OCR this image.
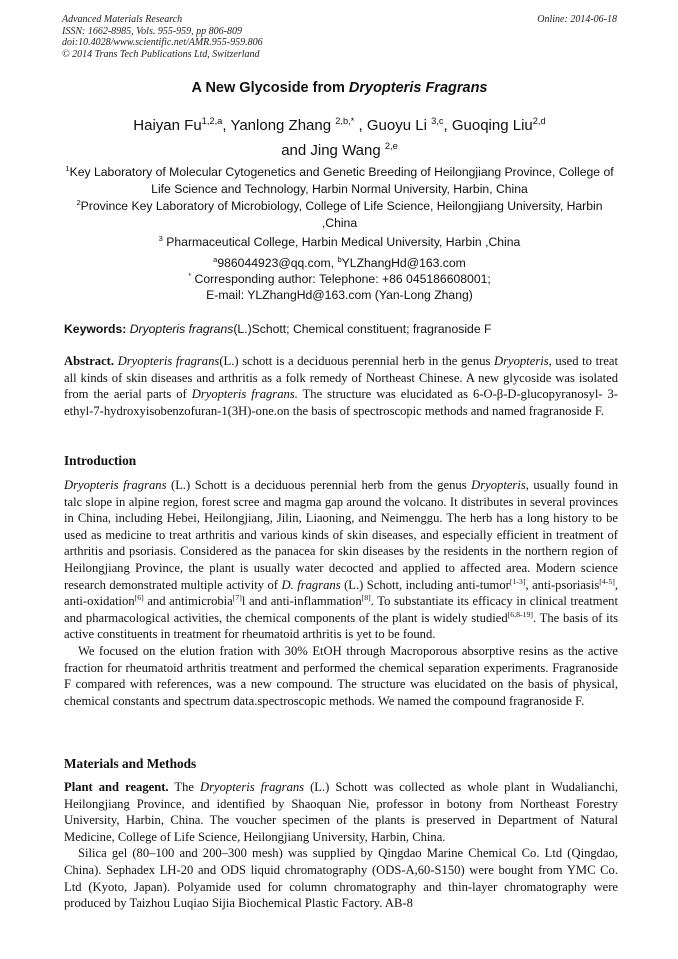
Advanced Materials Research
ISSN: 1662-8985, Vols. 955-959, pp 806-809
doi:10.4028/www.scientific.net/AMR.955-959.806
© 2014 Trans Tech Publications Ltd, Switzerland
Online: 2014-06-18
A New Glycoside from Dryopteris Fragrans
Haiyan Fu$^{1,2,a}$, Yanlong Zhang $^{2,b,*}$ , Guoyu Li $^{3,c}$, Guoqing Liu$^{2,d}$
and Jing Wang $^{2,e}$
$^1$Key Laboratory of Molecular Cytogenetics and Genetic Breeding of Heilongjiang Province, College of Life Science and Technology, Harbin Normal University, Harbin, China
$^2$Province Key Laboratory of Microbiology, College of Life Science, Heilongjiang University, Harbin ,China
$^3$ Pharmaceutical College, Harbin Medical University, Harbin ,China
$^a$986044923@qq.com, $^b$YLZhangHd@163.com
* Corresponding author: Telephone: +86 045186608001;
E-mail: YLZhangHd@163.com (Yan-Long Zhang)
Keywords: Dryopteris fragrans(L.)Schott; Chemical constituent; fragranoside F

Abstract. Dryopteris fragrans(L.) schott is a deciduous perennial herb in the genus Dryopteris, used to treat all kinds of skin diseases and arthritis as a folk remedy of Northeast Chinese. A new glycoside was isolated from the aerial parts of Dryopteris fragrans. The structure was elucidated as 6-O-β-D-glucopyranosyl- 3-ethyl-7-hydroxyisobenzofuran-1(3H)-one.on the basis of spectroscopic methods and named fragranoside F.

Introduction

Dryopteris fragrans (L.) Schott is a deciduous perennial herb from the genus Dryopteris, usually found in talc slope in alpine region, forest scree and magma gap around the volcano. It distributes in several provinces in China, including Hebei, Heilongjiang, Jilin, Liaoning, and Neimenggu. The herb has a long history to be used as medicine to treat arthritis and various kinds of skin diseases, and especially efficient in treatment of arthritis and psoriasis. Considered as the panacea for skin diseases by the residents in the northern region of Heilongjiang Province, the plant is usually water decocted and applied to affected area. Modern science research demonstrated multiple activity of D. fragrans (L.) Schott, including anti-tumor[1-3], anti-psoriasis[4-5], anti-oxidation[6] and antimicrobia[7]l and anti-inflammation[8]. To substantiate its efficacy in clinical treatment and pharmacological activities, the chemical components of the plant is widely studied[6,8-19]. The basis of its active constituents in treatment for rheumatoid arthritis is yet to be found.

We focused on the elution fration with 30% EtOH through Macroporous absorptive resins as the active fraction for rheumatoid arthritis treatment and performed the chemical separation experiments. Fragranoside F compared with references, was a new compound. The structure was elucidated on the basis of physical, chemical constants and spectrum data.spectroscopic methods. We named the compound fragranoside F.

Materials and Methods

Plant and reagent. The Dryopteris fragrans (L.) Schott was collected as whole plant in Wudalianchi, Heilongjiang Province, and identified by Shaoquan Nie, professor in botony from Northeast Forestry University, Harbin, China. The voucher specimen of the plants is preserved in Department of Natural Medicine, College of Life Science, Heilongjiang University, Harbin, China.

Silica gel (80–100 and 200–300 mesh) was supplied by Qingdao Marine Chemical Co. Ltd (Qingdao, China). Sephadex LH-20 and ODS liquid chromatography (ODS-A,60-S150) were bought from YMC Co. Ltd (Kyoto, Japan). Polyamide used for column chromatography and thin-layer chromatography were produced by Taizhou Luqiao Sijia Biochemical Plastic Factory. AB-8
